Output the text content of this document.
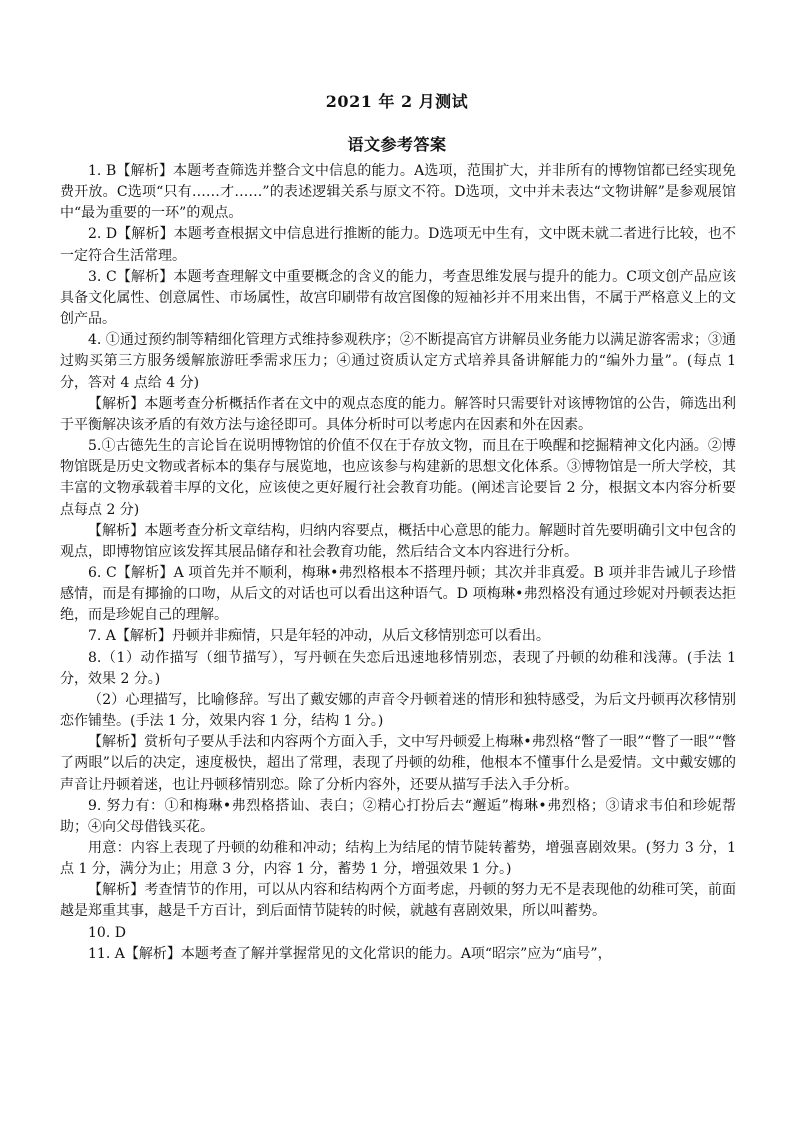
2021 年 2 月测试
语文参考答案

1. B【解析】本题考查筛选并整合文中信息的能力。A选项，范围扩大，并非所有的博物馆都已经实现免费开放。C选项“只有……才……”的表述逻辑关系与原文不符。D选项，文中并未表达“文物讲解”是参观展馆中“最为重要的一环”的观点。

2. D【解析】本题考查根据文中信息进行推断的能力。D选项无中生有，文中既未就二者进行比较，也不一定符合生活常理。

3. C【解析】本题考查理解文中重要概念的含义的能力，考查思维发展与提升的能力。C项文创产品应该具备文化属性、创意属性、市场属性，故宫印刷带有故宫图像的短袖衫并不用来出售，不属于严格意义上的文创产品。

4. ①通过预约制等精细化管理方式维持参观秩序；②不断提高官方讲解员业务能力以满足游客需求；③通过购买第三方服务缓解旅游旺季需求压力；④通过资质认定方式培养具备讲解能力的“编外力量”。(每点 1 分，答对 4 点给 4 分)

【解析】本题考查分析概括作者在文中的观点态度的能力。解答时只需要针对该博物馆的公告，筛选出利于平衡解决该矛盾的有效方法与途径即可。具体分析时可以考虑内在因素和外在因素。

5.①古德先生的言论旨在说明博物馆的价值不仅在于存放文物，而且在于唤醒和挖掘精神文化内涵。②博物馆既是历史文物或者标本的集存与展览地，也应该参与构建新的思想文化体系。③博物馆是一所大学校，其丰富的文物承载着丰厚的文化，应该使之更好履行社会教育功能。(阐述言论要旨 2 分，根据文本内容分析要点每点 2 分)

【解析】本题考查分析文章结构，归纳内容要点，概括中心意思的能力。解题时首先要明确引文中包含的观点，即博物馆应该发挥其展品储存和社会教育功能，然后结合文本内容进行分析。

6. C【解析】A 项首先并不顺利，梅琳•弗烈格根本不搭理丹顿；其次并非真爱。B 项并非告诫儿子珍惜感情，而是有揶揄的口吻，从后文的对话也可以看出这种语气。D 项梅琳•弗烈格没有通过珍妮对丹顿表达拒绝，而是珍妮自己的理解。

7. A【解析】丹顿并非痴情，只是年轻的冲动，从后文移情别恋可以看出。

8.（1）动作描写（细节描写），写丹顿在失恋后迅速地移情别恋，表现了丹顿的幼稚和浅薄。(手法 1 分，效果 2 分。)

（2）心理描写，比喻修辞。写出了戴安娜的声音令丹顿着迷的情形和独特感受，为后文丹顿再次移情别恋作铺垫。(手法 1 分，效果内容 1 分，结构 1 分。)

【解析】赏析句子要从手法和内容两个方面入手，文中写丹顿爱上梅琳•弗烈格“瞥了一眼”“瞥了一眼”“瞥了两眼”以后的决定，速度极快，超出了常理，表现了丹顿的幼稚，他根本不懂事什么是爱情。文中戴安娜的声音让丹顿着迷，也让丹顿移情别恋。除了分析内容外，还要从描写手法入手分析。

9. 努力有：①和梅琳•弗烈格搭讪、表白；②精心打扮后去“邂逅”梅琳•弗烈格；③请求韦伯和珍妮帮助；④向父母借钱买花。

用意：内容上表现了丹顿的幼稚和冲动；结构上为结尾的情节陡转蓄势，增强喜剧效果。(努力 3 分，1 点 1 分，满分为止；用意 3 分，内容 1 分，蓄势 1 分，增强效果 1 分。)

【解析】考查情节的作用，可以从内容和结构两个方面考虑，丹顿的努力无不是表现他的幼稚可笑，前面越是郑重其事，越是千方百计，到后面情节陡转的时候，就越有喜剧效果，所以叫蓄势。

10. D

11. A【解析】本题考查了解并掌握常见的文化常识的能力。A项“昭宗”应为“庙号”，
